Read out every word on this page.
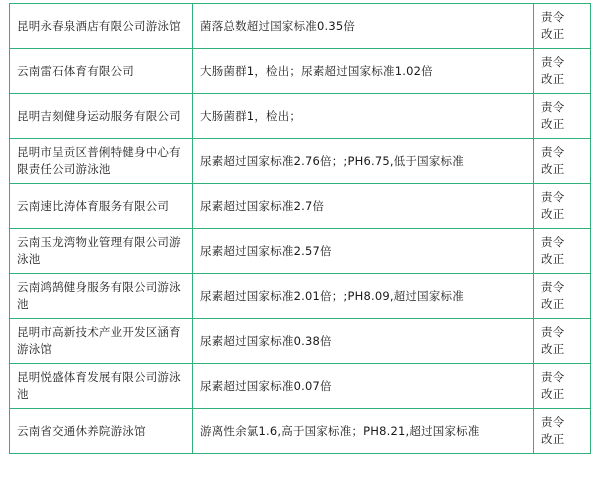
昆明永春泉酒店有限公司游泳馆	菌落总数超过国家标准0.35倍	责令
改正

云南雷石体育有限公司	大肠菌群1，检出；尿素超过国家标准1.02倍	责令
改正

昆明吉刻健身运动服务有限公司	大肠菌群1，检出；	责令
改正

昆明市呈贡区普俐特健身中心有限责任公司游泳池	尿素超过国家标准2.76倍；;PH6.75,低于国家标准	责令
改正

云南速比涛体育服务有限公司	尿素超过国家标准2.7倍	责令
改正

云南玉龙湾物业管理有限公司游泳池	尿素超过国家标准2.57倍	责令
改正

云南鸿鹄健身服务有限公司游泳池	尿素超过国家标准2.01倍；;PH8.09,超过国家标准	责令
改正

昆明市高新技术产业开发区涵育游泳馆	尿素超过国家标准0.38倍	责令
改正

昆明悦盛体育发展有限公司游泳池	尿素超过国家标准0.07倍	责令
改正

云南省交通休养院游泳馆	游离性余氯1.6,高于国家标准；PH8.21,超过国家标准	责令
改正
